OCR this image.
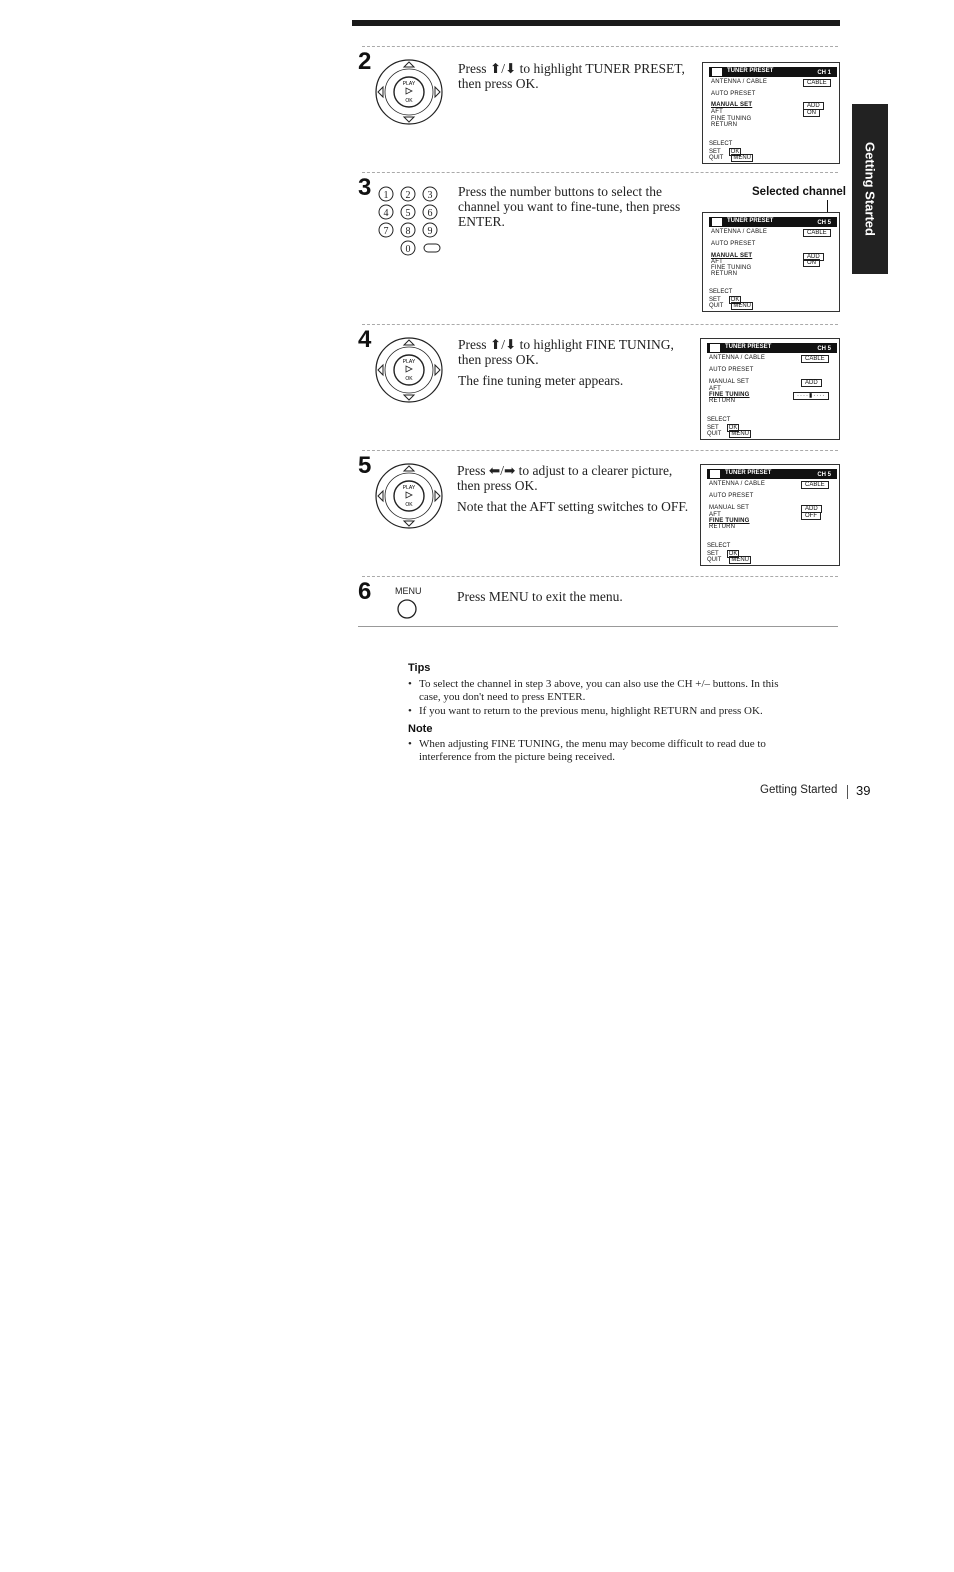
Getting Started
2
PLAY
OK

Press ⬆/⬇ to highlight TUNER PRESET,
then press OK.

TUNER PRESET	CH 1
ANTENNA / CABLE	CABLE
AUTO PRESET
MANUAL SET	ADD
AFT	ON
FINE TUNING
RETURN
SELECT
SET OK
QUIT MENU
3 1 2 3
4 5 6
7 8 9
0

Press the number buttons to select the
channel you want to fine-tune, then press
ENTER.

Selected channel
TUNER PRESET	CH 5
ANTENNA / CABLE	CABLE
AUTO PRESET
MANUAL SET	ADD
AFT	ON
FINE TUNING
RETURN
SELECT
SET OK
QUIT MENU
4
PLAY
OK

Press ⬆/⬇ to highlight FINE TUNING,
then press OK.

The fine tuning meter appears.

TUNER PRESET	CH 5
ANTENNA / CABLE	CABLE
AUTO PRESET
MANUAL SET	ADD
AFT
FINE TUNING	····▮····
RETURN
SELECT
SET OK
QUIT MENU
5
PLAY
OK

Press ⬅/➡ to adjust to a clearer picture,
then press OK.

Note that the AFT setting switches to OFF.

TUNER PRESET	CH 5
ANTENNA / CABLE	CABLE
AUTO PRESET
MANUAL SET	ADD
AFT	OFF
FINE TUNING
RETURN
SELECT
SET OK
QUIT MENU
6	MENU	Press MENU to exit the menu.

Tips
• To select the channel in step 3 above, you can also use the CH +/– buttons. In this
case, you don't need to press ENTER.
• If you want to return to the previous menu, highlight RETURN and press OK.
Note
• When adjusting FINE TUNING, the menu may become difficult to read due to
interference from the picture being received.
Getting Started 39
